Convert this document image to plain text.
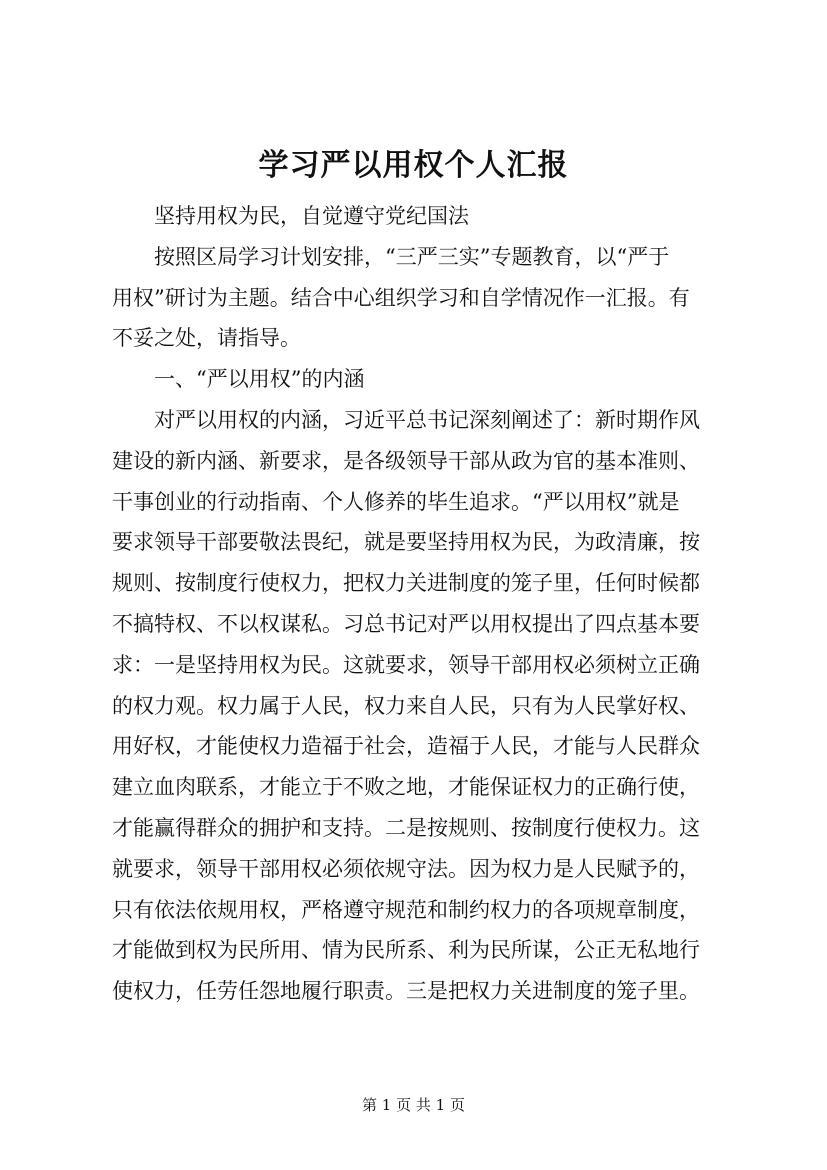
学习严以用权个人汇报
坚持用权为民，自觉遵守党纪国法
按照区局学习计划安排，“三严三实”专题教育，以“严于
用权”研讨为主题。结合中心组织学习和自学情况作一汇报。有
不妥之处，请指导。
一、“严以用权”的内涵
对严以用权的内涵，习近平总书记深刻阐述了：新时期作风
建设的新内涵、新要求，是各级领导干部从政为官的基本准则、
干事创业的行动指南、个人修养的毕生追求。“严以用权”就是
要求领导干部要敬法畏纪，就是要坚持用权为民，为政清廉，按
规则、按制度行使权力，把权力关进制度的笼子里，任何时候都
不搞特权、不以权谋私。习总书记对严以用权提出了四点基本要
求：一是坚持用权为民。这就要求，领导干部用权必须树立正确
的权力观。权力属于人民，权力来自人民，只有为人民掌好权、
用好权，才能使权力造福于社会，造福于人民，才能与人民群众
建立血肉联系，才能立于不败之地，才能保证权力的正确行使，
才能赢得群众的拥护和支持。二是按规则、按制度行使权力。这
就要求，领导干部用权必须依规守法。因为权力是人民赋予的，
只有依法依规用权，严格遵守规范和制约权力的各项规章制度，
才能做到权为民所用、情为民所系、利为民所谋，公正无私地行
使权力，任劳任怨地履行职责。三是把权力关进制度的笼子里。
第 1 页 共 1 页
